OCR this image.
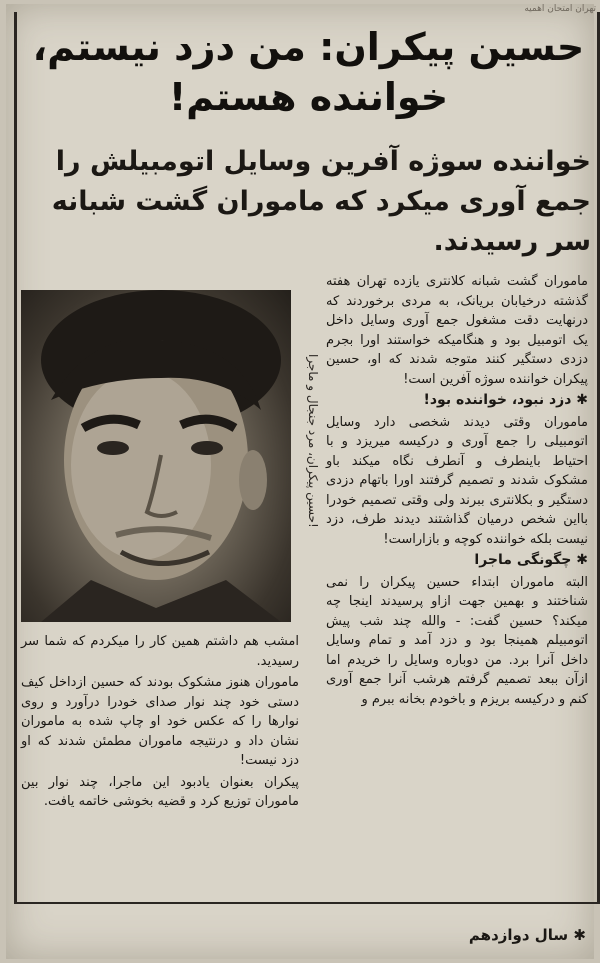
تهران امتحان اهمیه
حسین پیکران: من دزد نیستم، خواننده هستم!
خواننده سوژه آفرین وسایل اتومبیلش را جمع آوری میکرد که ماموران گشت شبانه سر رسیدند.
حسین پیکران، مرد جنجال و ماجرا!

ماموران گشت شبانه کلانتری یازده تهران هفته گذشته درخیابان بریانک، به مردی برخوردند که درنهایت دقت مشغول جمع آوری وسایل داخل یک اتومبیل بود و هنگامیکه خواستند اورا بجرم دزدی دستگیر کنند متوجه شدند که او، حسین پیکران خواننده سوژه آفرین است!

✱ دزد نبود، خواننده بود!

ماموران وقتی دیدند شخصی دارد وسایل اتومبیلی را جمع آوری و درکیسه میریزد و با احتیاط باینطرف و آنطرف نگاه میکند باو مشکوک شدند و تصمیم گرفتند اورا باتهام دزدی دستگیر و بکلانتری ببرند ولی وقتی تصمیم خودرا بااین شخص درمیان گذاشتند دیدند طرف، دزد نیست بلکه خواننده کوچه و بازاراست!

✱ چگونگی ماجرا

البته ماموران ابتداء حسین پیکران را نمی شناختند و بهمین جهت ازاو پرسیدند اینجا چه میکند؟ حسین گفت: - والله چند شب پیش اتومبیلم همینجا بود و دزد آمد و تمام وسایل داخل آنرا برد. من دوباره وسایل را خریدم اما ازآن ببعد تصمیم گرفتم هرشب آنرا جمع آوری کنم و درکیسه بریزم و باخودم بخانه ببرم و

امشب هم داشتم همین کار را میکردم که شما سر رسیدید.

ماموران هنوز مشکوک بودند که حسین ازداخل کیف دستی خود چند نوار صدای خودرا درآورد و روی نوارها را که عکس خود او چاپ شده به ماموران نشان داد و درنتیجه ماموران مطمئن شدند که او دزد نیست!

پیکران بعنوان یادبود این ماجرا، چند نوار بین ماموران توزیع کرد و قضیه بخوشی خاتمه یافت.

✱ سال دوازدهم
